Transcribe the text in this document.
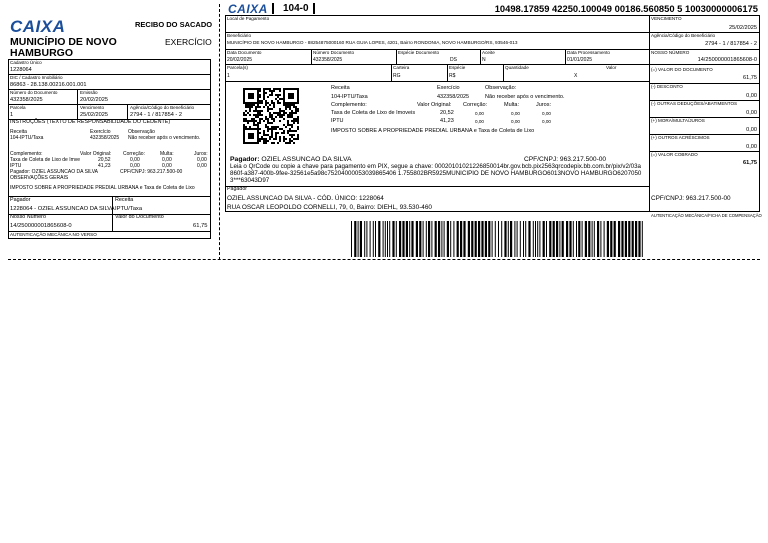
CAIXA	RECIBO DO SACADO
MUNICÍPIO DE NOVO HAMBURGO
EXERCÍCIO
Cadastro Único
1228064
DIC / Cadastro Imobiliário
86863 - 28.138.00216.001.001
Número do Documento
432358/2025
Emissão
20/02/2025
Parcela
1
Vencimento
25/02/2025
Agência/Código do Beneficiário
2794 - 1 / 817854 - 2
INSTRUÇÕES (TEXTO DE RESPONSABILIDADE DO CEDENTE)
Receita	Exercício	Observação
104-IPTU/Taxa	432358/2025 Não receber após o vencimento.
Complemento:	Valor Original: Correção:	Multa:	Juros:
Taxa de Coleta de Lixo de Imve	20,52	0,00	0,00	0,00
IPTU	41,23	0,00	0,00	0,00
Pagador: OZIEL ASSUNCAO DA SILVA	CPF/CNPJ: 963.217.500-00
OBSERVAÇÕES GERAIS
IMPOSTO SOBRE A PROPRIEDADE PREDIAL URBANA e Taxa de Coleta de Lixo
Pagador
1228064 - OZIEL ASSUNCAO DA SILVA
Receita
IPTU/Taxa
Nosso Número
14/250000001865608-0
Valor do Documento
61,75
AUTENTICAÇÃO MECÂNICA NO VERSO
CAIXA 104-0	10498.17859 42250.100049 00186.560850 5 10030000006175
Local de Pagamento	VENCIMENTO
25/02/2025
Beneficiário
MUNICÍPIO DE NOVO HAMBURGO - 88254875000160 RUA GUIA LOPES, 4201, Bairro RONDONIA, NOVO HAMBURGO/RS, 93546-013
Agência/Código do Beneficiário
2794 - 1 / 817854 - 2
Data Documento
20/02/2025
Número Documento
432358/2025
Espécie Documento
DS
Aceite
N
Data Processamento
01/01/2025
NOSSO NÚMERO
14/250000001865608-0
Parcela(s)
1
Carteira
RG
Espécie
R$
Quantidade	Valor
X
(=) VALOR DO DOCUMENTO
61,75
(-) DESCONTO
0,00
(-) OUTRAS DEDUÇÕES/ABATIMENTOS
0,00
(+) MORA/MULTA/JUROS
0,00
(+) OUTROS ACRÉSCIMOS
0,00
(=) VALOR COBRADO
61,75
Receita	Exercício	Observação:
104-IPTU/Taxa	432358/2025	Não receber após o vencimento.
Complemento:	Valor Original: Correção:	Multa:	Juros:
Taxa de Coleta de Lixo de Imoveis	20,52	0,00	0,00	0,00
IPTU	41,23	0,00	0,00	0,00
IMPOSTO SOBRE A PROPRIEDADE PREDIAL URBANA e Taxa de Coleta de Lixo
Pagador: OZIEL ASSUNCAO DA SILVA	CPF/CNPJ: 963.217.500-00
Leia o QrCode ou copie a chave para pagamento em PIX, segue a chave: 00020101021226850014br.gov.bcb.pix2563qrcodepix.bb.com.br/pix/v2/03a860f-a387-400b-9fee-32561e5a98c75204000053039865406 1.755802BR5925MUNICIPIO DE NOVO HAMBURGO6013NOVO HAMBURGO62070503***63043D97
Pagador
OZIEL ASSUNCAO DA SILVA - CÓD. ÚNICO: 1228064
RUA OSCAR LEOPOLDO CORNELLI, 79, 0, Bairro: DIEHL, 93.530-460
CPF/CNPJ: 963.217.500-00
AUTENTICAÇÃO MECÂNICA/FICHA DE COMPENSAÇÃO
